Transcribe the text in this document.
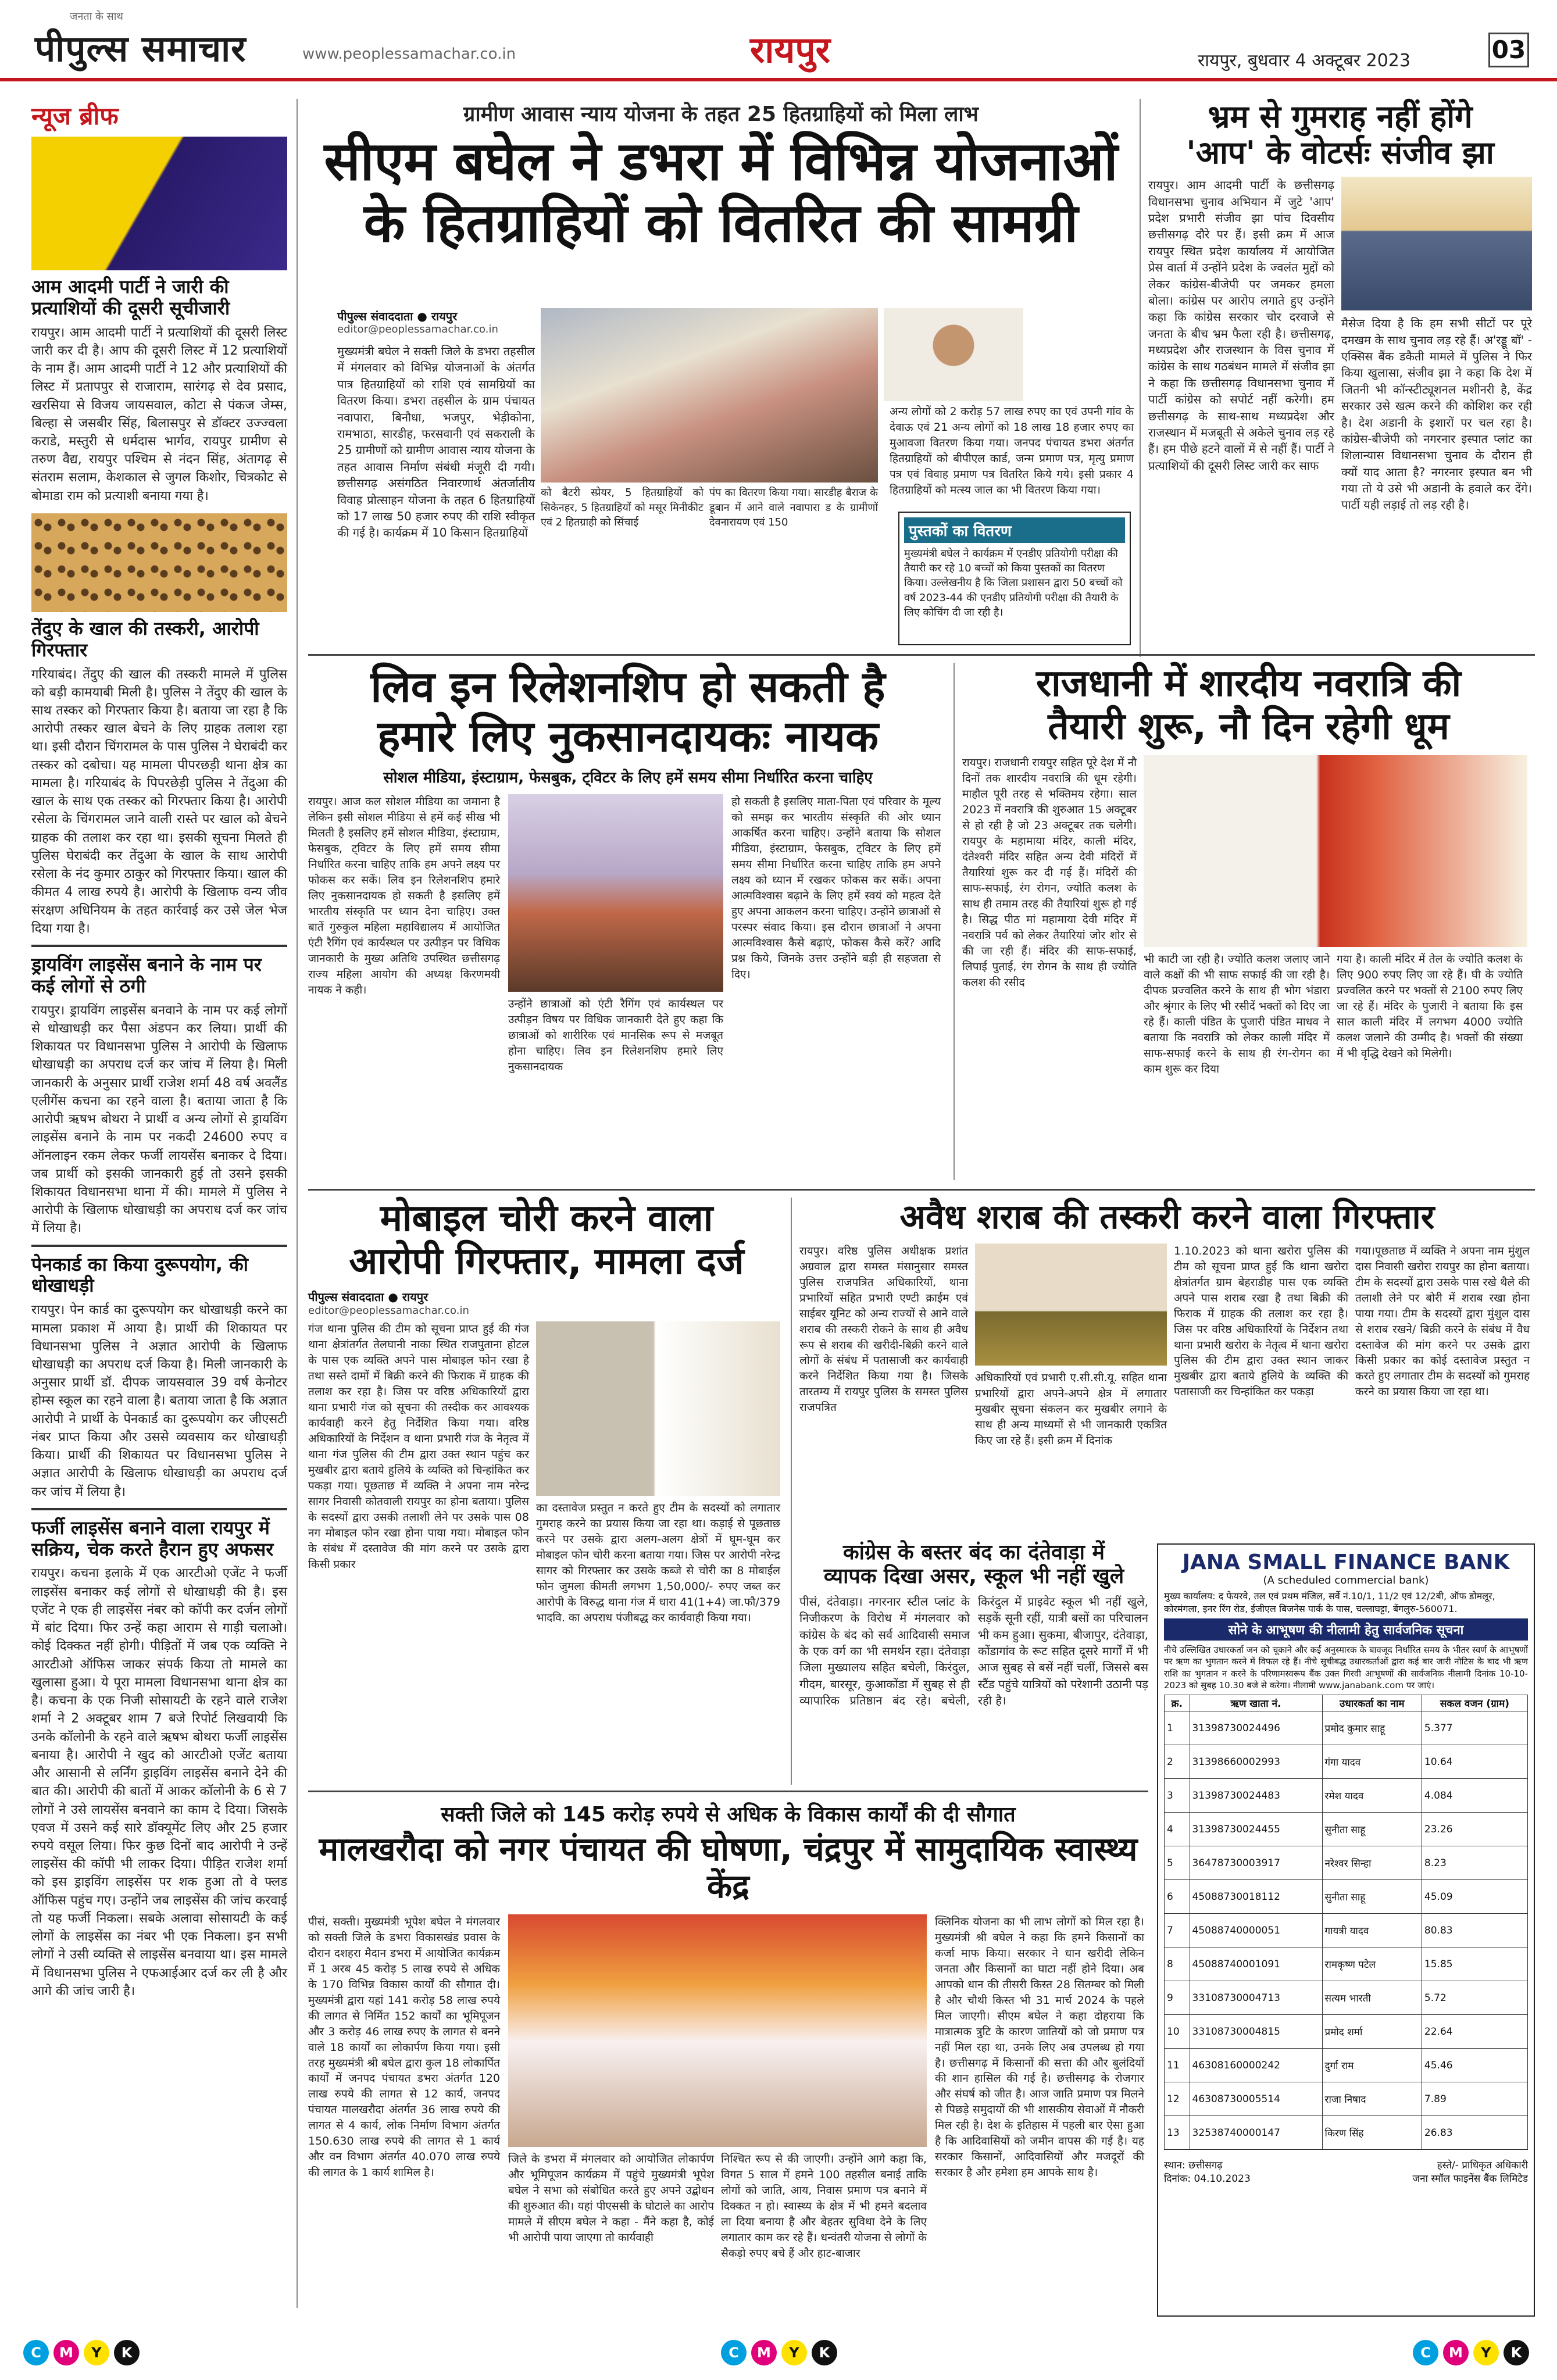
जनता के साथ
पीपुल्स समाचार	www.peoplessamachar.co.in	रायपुर	रायपुर, बुधवार 4 अक्टूबर 2023	03
न्यूज ब्रीफ
आम आदमी पार्टी ने जारी की प्रत्याशियों की दूसरी सूचीजारी
रायपुर। आम आदमी पार्टी ने प्रत्याशियों की दूसरी लिस्ट जारी कर दी है। आप की दूसरी लिस्ट में 12 प्रत्याशियों के नाम हैं। आम आदमी पार्टी ने 12 और प्रत्याशियों की लिस्ट में प्रतापपुर से राजाराम, सारंगढ़ से देव प्रसाद, खरसिया से विजय जायसवाल, कोटा से पंकज जेम्स, बिल्हा से जसबीर सिंह, बिलासपुर से डॉक्टर उज्ज्वला कराडे, मस्तुरी से धर्मदास भार्गव, रायपुर ग्रामीण से तरुण वैद्य, रायपुर पश्चिम से नंदन सिंह, अंतागढ़ से संतराम सलाम, केशकाल से जुगल किशोर, चित्रकोट से बोमाडा राम को प्रत्याशी बनाया गया है।
तेंदुए के खाल की तस्करी, आरोपी गिरफ्तार
गरियाबंद। तेंदुए की खाल की तस्करी मामले में पुलिस को बड़ी कामयाबी मिली है। पुलिस ने तेंदुए की खाल के साथ तस्कर को गिरफ्तार किया है। बताया जा रहा है कि आरोपी तस्कर खाल बेचने के लिए ग्राहक तलाश रहा था। इसी दौरान चिंगरामल के पास पुलिस ने घेराबंदी कर तस्कर को दबोचा। यह मामला पीपरछड़ी थाना क्षेत्र का मामला है। गरियाबंद के पिपरछेड़ी पुलिस ने तेंदुआ की खाल के साथ एक तस्कर को गिरफ्तार किया है। आरोपी रसेला के चिंगरामल जाने वाली रास्ते पर खाल को बेचने ग्राहक की तलाश कर रहा था। इसकी सूचना मिलते ही पुलिस घेराबंदी कर तेंदुआ के खाल के साथ आरोपी रसेला के नंद कुमार ठाकुर को गिरफ्तार किया। खाल की कीमत 4 लाख रुपये है। आरोपी के खिलाफ वन्य जीव संरक्षण अधिनियम के तहत कार्रवाई कर उसे जेल भेज दिया गया है।
ड्रायविंग लाइसेंस बनाने के नाम पर कई लोगों से ठगी
रायपुर। ड्रायविंग लाइसेंस बनवाने के नाम पर कई लोगों से धोखाधड़ी कर पैसा अंडपन कर लिया। प्रार्थी की शिकायत पर विधानसभा पुलिस ने आरोपी के खिलाफ धोखाधड़ी का अपराध दर्ज कर जांच में लिया है। मिली जानकारी के अनुसार प्रार्थी राजेश शर्मा 48 वर्ष अवलैंड एलीगेंस कचना का रहने वाला है। बताया जाता है कि आरोपी ऋषभ बोथरा ने प्रार्थी व अन्य लोगों से ड्रायविंग लाइसेंस बनाने के नाम पर नकदी 24600 रुपए व ऑनलाइन रकम लेकर फर्जी लायसेंस बनाकर दे दिया। जब प्रार्थी को इसकी जानकारी हुई तो उसने इसकी शिकायत विधानसभा थाना में की। मामले में पुलिस ने आरोपी के खिलाफ धोखाधड़ी का अपराध दर्ज कर जांच में लिया है।
पेनकार्ड का किया दुरूपयोग, की धोखाधड़ी
रायपुर। पेन कार्ड का दुरूपयोग कर धोखाधड़ी करने का मामला प्रकाश में आया है। प्रार्थी की शिकायत पर विधानसभा पुलिस ने अज्ञात आरोपी के खिलाफ धोखाधड़ी का अपराध दर्ज किया है। मिली जानकारी के अनुसार प्रार्थी डॉ. दीपक जायसवाल 39 वर्ष केनोटर होम्स स्कूल का रहने वाला है। बताया जाता है कि अज्ञात आरोपी ने प्रार्थी के पेनकार्ड का दुरूपयोग कर जीएसटी नंबर प्राप्त किया और उससे व्यवसाय कर धोखाधड़ी किया। प्रार्थी की शिकायत पर विधानसभा पुलिस ने अज्ञात आरोपी के खिलाफ धोखाधड़ी का अपराध दर्ज कर जांच में लिया है।
फर्जी लाइसेंस बनाने वाला रायपुर में सक्रिय, चेक करते हैरान हुए अफसर
रायपुर। कचना इलाके में एक आरटीओ एजेंट ने फर्जी लाइसेंस बनाकर कई लोगों से धोखाधड़ी की है। इस एजेंट ने एक ही लाइसेंस नंबर को कॉपी कर दर्जन लोगों में बांट दिया। फिर उन्हें कहा आराम से गाड़ी चलाओ। कोई दिक्कत नहीं होगी। पीड़ितों में जब एक व्यक्ति ने आरटीओ ऑफिस जाकर संपर्क किया तो मामले का खुलासा हुआ। ये पूरा मामला विधानसभा थाना क्षेत्र का है। कचना के एक निजी सोसायटी के रहने वाले राजेश शर्मा ने 2 अक्टूबर शाम 7 बजे रिपोर्ट लिखवायी कि उनके कॉलोनी के रहने वाले ऋषभ बोथरा फर्जी लाइसेंस बनाया है। आरोपी ने खुद को आरटीओ एजेंट बताया और आसानी से लर्निंग ड्राइविंग लाइसेंस बनाने देने की बात की। आरोपी की बातों में आकर कॉलोनी के 6 से 7 लोगों ने उसे लायसेंस बनवाने का काम दे दिया। जिसके एवज में उसने कई सारे डॉक्यूमेंट लिए और 25 हजार रुपये वसूल लिया। फिर कुछ दिनों बाद आरोपी ने उन्हें लाइसेंस की कॉपी भी लाकर दिया। पीड़ित राजेश शर्मा को इस ड्राइविंग लाइसेंस पर शक हुआ तो वे फ्लड ऑफिस पहुंच गए। उन्होंने जब लाइसेंस की जांच करवाई तो यह फर्जी निकला। सबके अलावा सोसायटी के कई लोगों के लाइसेंस का नंबर भी एक निकला। इन सभी लोगों ने उसी व्यक्ति से लाइसेंस बनवाया था। इस मामले में विधानसभा पुलिस ने एफआईआर दर्ज कर ली है और आगे की जांच जारी है।
ग्रामीण आवास न्याय योजना के तहत 25 हितग्राहियों को मिला लाभ
सीएम बघेल ने डभरा में विभिन्न योजनाओं
के हितग्राहियों को वितरित की सामग्री
पीपुल्स संवाददाता ● रायपुर
editor@peoplessamachar.co.in
मुख्यमंत्री बघेल ने सक्ती जिले के डभरा तहसील में मंगलवार को विभिन्न योजनाओं के अंतर्गत पात्र हितग्राहियों को राशि एवं सामग्रियों का वितरण किया। डभरा तहसील के ग्राम पंचायत नवापारा, बिनौधा, भजपुर, भेड़ीकोना, रामभाठा, सारडीह, फरसवानी एवं सकराली के 25 ग्रामीणों को ग्रामीण आवास न्याय योजना के तहत आवास निर्माण संबंधी मंजूरी दी गयी। छत्तीसगढ़ असंगठित निवारणार्थ अंतर्जातीय विवाह प्रोत्साहन योजना के तहत 6 हितग्राहियों को 17 लाख 50 हजार रुपए की राशि स्वीकृत की गई है। कार्यक्रम में 10 किसान हितग्राहियों
को बैटरी स्प्रेयर, 5 हितग्राहियों को सिकेनहर, 5 हितग्राहियों को मसूर मिनीकीट एवं 2 हितग्राही को सिंचाई
पंप का वितरण किया गया। सारडीह बैराज के डूबान में आने वाले नवापारा ड के ग्रामीणों देवनारायण एवं 150
अन्य लोगों को 2 करोड़ 57 लाख रुपए का एवं उपनी गांव के देवाऊ एवं 21 अन्य लोगों को 18 लाख 18 हजार रुपए का मुआवजा वितरण किया गया। जनपद पंचायत डभरा अंतर्गत हितग्राहियों को बीपीएल कार्ड, जन्म प्रमाण पत्र, मृत्यु प्रमाण पत्र एवं विवाह प्रमाण पत्र वितरित किये गये। इसी प्रकार 4 हितग्राहियों को मत्स्य जाल का भी वितरण किया गया।
पुस्तकों का वितरण
मुख्यमंत्री बघेल ने कार्यक्रम में एनडीए प्रतियोगी परीक्षा की तैयारी कर रहे 10 बच्चों को किया पुस्तकों का वितरण किया। उल्लेखनीय है कि जिला प्रशासन द्वारा 50 बच्चों को वर्ष 2023-44 की एनडीए प्रतियोगी परीक्षा की तैयारी के लिए कोचिंग दी जा रही है।
भ्रम से गुमराह नहीं होंगे
'आप' के वोटर्सः संजीव झा
रायपुर। आम आदमी पार्टी के छत्तीसगढ़ विधानसभा चुनाव अभियान में जुटे 'आप' प्रदेश प्रभारी संजीव झा पांच दिवसीय छत्तीसगढ़ दौरे पर हैं। इसी क्रम में आज रायपुर स्थित प्रदेश कार्यालय में आयोजित प्रेस वार्ता में उन्होंने प्रदेश के ज्वलंत मुद्दों को लेकर कांग्रेस-बीजेपी पर जमकर हमला बोला। कांग्रेस पर आरोप लगाते हुए उन्होंने कहा कि कांग्रेस सरकार चोर दरवाजे से जनता के बीच भ्रम फैला रही है। छत्तीसगढ़, मध्यप्रदेश और राजस्थान के विस चुनाव में कांग्रेस के साथ गठबंधन मामले में संजीव झा ने कहा कि छत्तीसगढ़ विधानसभा चुनाव में पार्टी कांग्रेस को सपोर्ट नहीं करेगी। हम छत्तीसगढ़ के साथ-साथ मध्यप्रदेश और राजस्थान में मजबूती से अकेले चुनाव लड़ रहे हैं। हम पीछे हटने वालों में से नहीं हैं। पार्टी ने प्रत्याशियों की दूसरी लिस्ट जारी कर साफ
मैसेज दिया है कि हम सभी सीटों पर पूरे दमखम के साथ चुनाव लड़ रहे हैं। अ'रड्डू बॉ' - एक्सिस बैंक डकैती मामले में पुलिस ने फिर किया खुलासा, संजीव झा ने कहा कि देश में जितनी भी कॉन्स्टीट्यूशनल मशीनरी है, केंद्र सरकार उसे खत्म करने की कोशिश कर रही है। देश अडानी के इशारों पर चल रहा है। कांग्रेस-बीजेपी को नगरनार इस्पात प्लांट का शिलान्यास विधानसभा चुनाव के दौरान ही क्यों याद आता है? नगरनार इस्पात बन भी गया तो ये उसे भी अडानी के हवाले कर देंगे। पार्टी यही लड़ाई तो लड़ रही है।
लिव इन रिलेशनशिप हो सकती है
हमारे लिए नुकसानदायकः नायक
सोशल मीडिया, इंस्टाग्राम, फेसबुक, ट्विटर के लिए हमें समय सीमा निर्धारित करना चाहिए
रायपुर। आज कल सोशल मीडिया का जमाना है लेकिन इसी सोशल मीडिया से हमें कई सीख भी मिलती है इसलिए हमें सोशल मीडिया, इंस्टाग्राम, फेसबुक, ट्विटर के लिए हमें समय सीमा निर्धारित करना चाहिए ताकि हम अपने लक्ष्य पर फोकस कर सकें। लिव इन रिलेशनशिप हमारे लिए नुकसानदायक हो सकती है इसलिए हमें भारतीय संस्कृति पर ध्यान देना चाहिए। उक्त बातें गुरुकुल महिला महाविद्यालय में आयोजित एंटी रैगिंग एवं कार्यस्थल पर उत्पीड़न पर विधिक जानकारी के मुख्य अतिथि उपस्थित छत्तीसगढ़ राज्य महिला आयोग की अध्यक्ष किरणमयी नायक ने कही।
उन्होंने छात्राओं को एंटी रैगिंग एवं कार्यस्थल पर उत्पीड़न विषय पर विधिक जानकारी देते हुए कहा कि छात्राओं को शारीरिक एवं मानसिक रूप से मजबूत होना चाहिए। लिव इन रिलेशनशिप हमारे लिए नुकसानदायक
हो सकती है इसलिए माता-पिता एवं परिवार के मूल्य को समझ कर भारतीय संस्कृति की ओर ध्यान आकर्षित करना चाहिए। उन्होंने बताया कि सोशल मीडिया, इंस्टाग्राम, फेसबुक, ट्विटर के लिए हमें समय सीमा निर्धारित करना चाहिए ताकि हम अपने लक्ष्य को ध्यान में रखकर फोकस कर सकें। अपना आत्मविश्वास बढ़ाने के लिए हमें स्वयं को महत्व देते हुए अपना आकलन करना चाहिए। उन्होंने छात्राओं से परस्पर संवाद किया। इस दौरान छात्राओं ने अपना आत्मविश्वास कैसे बढ़ाएं, फोकस कैसे करें? आदि प्रश्न किये, जिनके उत्तर उन्होंने बड़ी ही सहजता से दिए।
राजधानी में शारदीय नवरात्रि की
तैयारी शुरू, नौ दिन रहेगी धूम
रायपुर। राजधानी रायपुर सहित पूरे देश में नौ दिनों तक शारदीय नवरात्रि की धूम रहेगी। माहौल पूरी तरह से भक्तिमय रहेगा। साल 2023 में नवरात्रि की शुरुआत 15 अक्टूबर से हो रही है जो 23 अक्टूबर तक चलेगी। रायपुर के महामाया मंदिर, काली मंदिर, दंतेश्वरी मंदिर सहित अन्य देवी मंदिरों में तैयारियां शुरू कर दी गई हैं। मंदिरों की साफ-सफाई, रंग रोगन, ज्योति कलश के साथ ही तमाम तरह की तैयारियां शुरू हो गई है। सिद्ध पीठ मां महामाया देवी मंदिर में नवरात्रि पर्व को लेकर तैयारियां जोर शोर से की जा रही हैं। मंदिर की साफ-सफाई, लिपाई पुताई, रंग रोगन के साथ ही ज्योति कलश की रसीद
भी काटी जा रही है। ज्योति कलश जलाए जाने वाले कक्षों की भी साफ सफाई की जा रही है। दीपक प्रज्वलित करने के साथ ही भोग भंडारा और श्रृंगार के लिए भी रसीदें भक्तों को दिए जा रहे हैं। काली पंडित के पुजारी पंडित माधव ने बताया कि नवरात्रि को लेकर काली मंदिर में साफ-सफाई करने के साथ ही रंग-रोगन का काम शुरू कर दिया
गया है। काली मंदिर में तेल के ज्योति कलश के लिए 900 रुपए लिए जा रहे हैं। घी के ज्योति प्रज्वलित करने पर भक्तों से 2100 रुपए लिए जा रहे हैं। मंदिर के पुजारी ने बताया कि इस साल काली मंदिर में लगभग 4000 ज्योति कलश जलाने की उम्मीद है। भक्तों की संख्या में भी वृद्धि देखने को मिलेगी।
मोबाइल चोरी करने वाला
आरोपी गिरफ्तार, मामला दर्ज
पीपुल्स संवाददाता ● रायपुर
editor@peoplessamachar.co.in
गंज थाना पुलिस की टीम को सूचना प्राप्त हुई की गंज थाना क्षेत्रांतर्गत तेलघानी नाका स्थित राजपुताना होटल के पास एक व्यक्ति अपने पास मोबाइल फोन रखा है तथा सस्ते दामों में बिक्री करने की फिराक में ग्राहक की तलाश कर रहा है। जिस पर वरिष्ठ अधिकारियों द्वारा थाना प्रभारी गंज को सूचना की तस्दीक कर आवश्यक कार्यवाही करने हेतु निर्देशित किया गया। वरिष्ठ अधिकारियों के निर्देशन व थाना प्रभारी गंज के नेतृत्व में थाना गंज पुलिस की टीम द्वारा उक्त स्थान पहुंच कर मुखबीर द्वारा बताये हुलिये के व्यक्ति को चिन्हांकित कर पकड़ा गया। पूछताछ में व्यक्ति ने अपना नाम नरेन्द्र सागर निवासी कोतवाली रायपुर का होना बताया। पुलिस के सदस्यों द्वारा उसकी तलाशी लेने पर उसके पास 08 नग मोबाइल फोन रखा होना पाया गया। मोबाइल फोन के संबंध में दस्तावेज की मांग करने पर उसके द्वारा किसी प्रकार
का दस्तावेज प्रस्तुत न करते हुए टीम के सदस्यों को लगातार गुमराह करने का प्रयास किया जा रहा था। कड़ाई से पूछताछ करने पर उसके द्वारा अलग-अलग क्षेत्रों में घूम-घूम कर मोबाइल फोन चोरी करना बताया गया। जिस पर आरोपी नरेन्द्र सागर को गिरफ्तार कर उसके कब्जे से चोरी का 8 मोबाईल फोन जुमला कीमती लगभग 1,50,000/- रुपए जब्त कर आरोपी के विरुद्ध थाना गंज में धारा 41(1+4) जा.फौ/379 भादवि. का अपराध पंजीबद्ध कर कार्यवाही किया गया।
अवैध शराब की तस्करी करने वाला गिरफ्तार
रायपुर। वरिष्ठ पुलिस अधीक्षक प्रशांत अग्रवाल द्वारा समस्त मंसानुसार समस्त पुलिस राजपत्रित अधिकारियों, थाना प्रभारियों सहित प्रभारी एण्टी क्राईम एवं साईबर यूनिट को अन्य राज्यों से आने वाले शराब की तस्करी रोकने के साथ ही अवैध रूप से शराब की खरीदी-बिक्री करने वाले लोगों के संबंध में पतासाजी कर कार्यवाही करने निर्देशित किया गया है। जिसके तारतम्य में रायपुर पुलिस के समस्त पुलिस राजपत्रित
अधिकारियों एवं प्रभारी ए.सी.सी.यू. सहित थाना प्रभारियों द्वारा अपने-अपने क्षेत्र में लगातार मुखबीर सूचना संकलन कर मुखबीर लगाने के साथ ही अन्य माध्यमों से भी जानकारी एकत्रित किए जा रहे हैं। इसी क्रम में दिनांक
1.10.2023 को थाना खरोरा पुलिस की टीम को सूचना प्राप्त हुई कि थाना खरोरा क्षेत्रांतर्गत ग्राम बेहराडीह पास एक व्यक्ति अपने पास शराब रखा है तथा बिक्री की फिराक में ग्राहक की तलाश कर रहा है। जिस पर वरिष्ठ अधिकारियों के निर्देशन तथा थाना प्रभारी खरोरा के नेतृत्व में थाना खरोरा पुलिस की टीम द्वारा उक्त स्थान जाकर मुखबीर द्वारा बताये हुलिये के व्यक्ति की पतासाजी कर चिन्हांकित कर पकड़ा
गया।पूछताछ में व्यक्ति ने अपना नाम मुंशुल दास निवासी खरोरा रायपुर का होना बताया। टीम के सदस्यों द्वारा उसके पास रखे थैले की तलाशी लेने पर बोरी में शराब रखा होना पाया गया। टीम के सदस्यों द्वारा मुंशुल दास से शराब रखने/ बिक्री करने के संबंध में वैध दस्तावेज की मांग करने पर उसके द्वारा किसी प्रकार का कोई दस्तावेज प्रस्तुत न करते हुए लगातार टीम के सदस्यों को गुमराह करने का प्रयास किया जा रहा था।
कांग्रेस के बस्तर बंद का दंतेवाड़ा में
व्यापक दिखा असर, स्कूल भी नहीं खुले
पीसं, दंतेवाड़ा। नगरनार स्टील प्लांट के निजीकरण के विरोध में मंगलवार को कांग्रेस के बंद को सर्व आदिवासी समाज के एक वर्ग का भी समर्थन रहा। दंतेवाड़ा जिला मुख्यालय सहित बचेली, किरंदुल, गीदम, बारसूर, कुआकोंडा में सुबह से ही व्यापारिक प्रतिष्ठान बंद रहे। बचेली, किरंदुल में प्राइवेट स्कूल भी नहीं खुले, सड़कें सूनी रहीं, यात्री बसों का परिचालन भी कम हुआ। सुकमा, बीजापुर, दंतेवाड़ा, कोंडागांव के रूट सहित दूसरे मार्गों में भी आज सुबह से बसें नहीं चलीं, जिससे बस स्टैंड पहुंचे यात्रियों को परेशानी उठानी पड़ रही है।
JANA SMALL FINANCE BANK
(A scheduled commercial bank)
मुख्य कार्यालय: द फेयरवे, तल एवं प्रथम मंजिल, सर्वे नं.10/1, 11/2 एवं 12/2बी, ऑफ डोमलूर, कोरमंगला, इनर रिंग रोड, ईजीएल बिजनेस पार्क के पास, चल्लाघट्टा, बेंगलुरु-560071.
सोने के आभूषण की नीलामी हेतु सार्वजनिक सूचना
नीचे उल्लिखित उधारकर्ता जन को चूकाने और कई अनुस्मारक के बावजूद निर्धारित समय के भीतर स्वर्ण के आभूषणों पर ऋण का भुगतान करने में विफल रहे हैं। नीचे सूचीबद्ध उधारकर्ताओं द्वारा कई बार जारी नोटिस के बाद भी ऋण राशि का भुगतान न करने के परिणामस्वरूप बैंक उक्त गिरवी आभूषणों की सार्वजनिक नीलामी दिनांक 10-10-2023 को सुबह 10.30 बजे से करेगा। नीलामी www.janabank.com पर जाएं।
क्र.	ऋण खाता नं.	उधारकर्ता का नाम	सकल वजन (ग्राम)
1	31398730024496	प्रमोद कुमार साहू	5.377
2	31398660002993	गंगा यादव	10.64
3	31398730024483	रमेश यादव	4.084
4	31398730024455	सुनीता साहू	23.26
5	36478730003917	नरेश्वर सिन्हा	8.23
6	45088730018112	सुनीता साहू	45.09
7	45088740000051	गायत्री यादव	80.83
8	45088740001091	रामकृष्ण पटेल	15.85
9	33108730004713	सत्यम भारती	5.72
10	33108730004815	प्रमोद शर्मा	22.64
11	46308160000242	दुर्गा राम	45.46
12	46308730005514	राजा निषाद	7.89
13	32538740000147	किरण सिंह	26.83
स्थान: छत्तीसगढ़
दिनांक: 04.10.2023
हस्ते/- प्राधिकृत अधिकारी
जना स्मॉल फाइनेंस बैंक लिमिटेड
सक्ती जिले को 145 करोड़ रुपये से अधिक के विकास कार्यों की दी सौगात
मालखरौदा को नगर पंचायत की घोषणा, चंद्रपुर में सामुदायिक स्वास्थ्य केंद्र
पीसं, सक्ती। मुख्यमंत्री भूपेश बघेल ने मंगलवार को सक्ती जिले के डभरा विकासखंड प्रवास के दौरान दशहरा मैदान डभरा में आयोजित कार्यक्रम में 1 अरब 45 करोड़ 5 लाख रुपये से अधिक के 170 विभिन्न विकास कार्यों की सौगात दी। मुख्यमंत्री द्वारा यहां 141 करोड़ 58 लाख रुपये की लागत से निर्मित 152 कार्यों का भूमिपूजन और 3 करोड़ 46 लाख रुपए के लागत से बनने वाले 18 कार्यों का लोकार्पण किया गया। इसी तरह मुख्यमंत्री श्री बघेल द्वारा कुल 18 लोकार्पित कार्यों में जनपद पंचायत डभरा अंतर्गत 120 लाख रुपये की लागत से 12 कार्य, जनपद पंचायत मालखरौदा अंतर्गत 36 लाख रुपये की लागत से 4 कार्य, लोक निर्माण विभाग अंतर्गत 150.630 लाख रुपये की लागत से 1 कार्य और वन विभाग अंतर्गत 40.070 लाख रुपये की लागत के 1 कार्य शामिल है।
जिले के डभरा में मंगलवार को आयोजित लोकार्पण और भूमिपूजन कार्यक्रम में पहुंचे मुख्यमंत्री भूपेश बघेल ने सभा को संबोधित करते हुए अपने उद्बोधन की शुरुआत की। यहां पीएससी के घोटाले का आरोप मामले में सीएम बघेल ने कहा - मैंने कहा है, कोई भी आरोपी पाया जाएगा तो कार्यवाही
निश्चित रूप से की जाएगी। उन्होंने आगे कहा कि, विगत 5 साल में हमने 100 तहसील बनाई ताकि लोगों को जाति, आय, निवास प्रमाण पत्र बनाने में दिक्कत न हो। स्वास्थ्य के क्षेत्र में भी हमने बदलाव ला दिया बनाया है और बेहतर सुविधा देने के लिए लगातार काम कर रहे हैं। धन्वंतरी योजना से लोगों के सैकड़ो रुपए बचे हैं और हाट-बाजार
क्लिनिक योजना का भी लाभ लोगों को मिल रहा है। मुख्यमंत्री श्री बघेल ने कहा कि हमने किसानों का कर्जा माफ किया। सरकार ने धान खरीदी लेकिन जनता और किसानों का घाटा नहीं होने दिया। अब आपको धान की तीसरी किस्त 28 सितम्बर को मिली है और चौथी किस्त भी 31 मार्च 2024 के पहले मिल जाएगी। सीएम बघेल ने कहा दोहराया कि मात्रात्मक त्रुटि के कारण जातियों को जो प्रमाण पत्र नहीं मिल रहा था, उनके लिए अब उपलब्ध हो गया है। छत्तीसगढ़ में किसानों की सत्ता की और बुलंदियों की शान हासिल की गई है। छत्तीसगढ़ के रोजगार और संघर्ष को जीत है। आज जाति प्रमाण पत्र मिलने से पिछड़े समुदायों की भी शासकीय सेवाओं में नौकरी मिल रही है। देश के इतिहास में पहली बार ऐसा हुआ है कि आदिवासियों को जमीन वापस की गई है। यह सरकार किसानों, आदिवासियों और मजदूरों की सरकार है और हमेशा हम आपके साथ है।
C	M	Y	K	C	M	Y	K	C	M	Y	K
